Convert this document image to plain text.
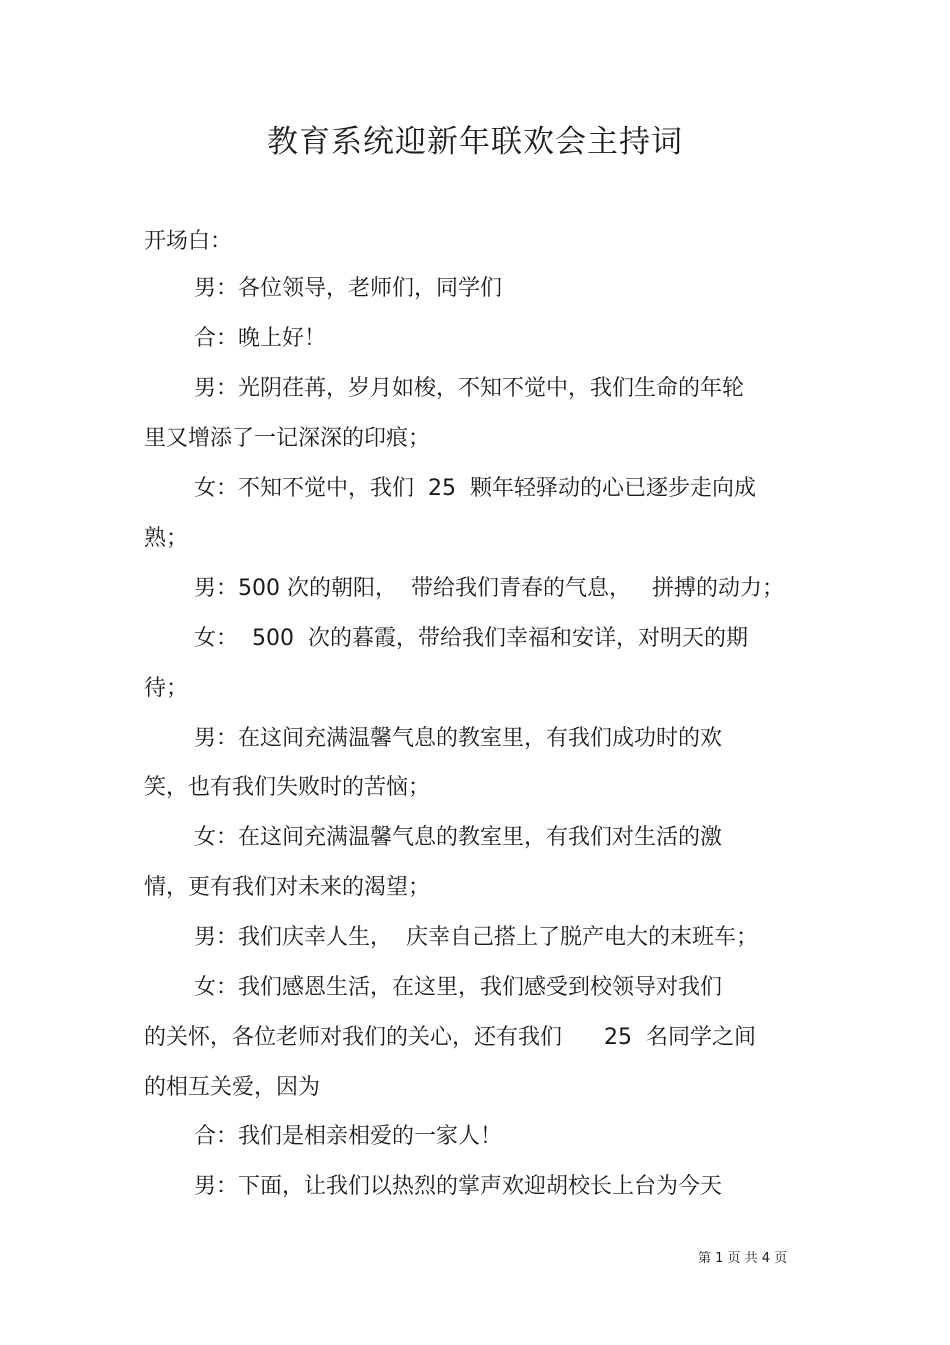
教育系统迎新年联欢会主持词

开场白：

男：各位领导，老师们，同学们

合：晚上好！

男：光阴荏苒，岁月如梭，不知不觉中，我们生命的年轮

里又增添了一记深深的印痕；

女：不知不觉中，我们  25  颗年轻驿动的心已逐步走向成

熟；

男：500 次的朝阳，  带给我们青春的气息，   拼搏的动力；

女：  500  次的暮霞，带给我们幸福和安详，对明天的期

待；

男：在这间充满温馨气息的教室里，有我们成功时的欢

笑，也有我们失败时的苦恼；

女：在这间充满温馨气息的教室里，有我们对生活的激

情，更有我们对未来的渴望；

男：我们庆幸人生，  庆幸自己搭上了脱产电大的末班车；

女：我们感恩生活，在这里，我们感受到校领导对我们

的关怀，各位老师对我们的关心，还有我们      25  名同学之间

的相互关爱，因为

合：我们是相亲相爱的一家人！

男：下面，让我们以热烈的掌声欢迎胡校长上台为今天

第 1 页 共 4 页
